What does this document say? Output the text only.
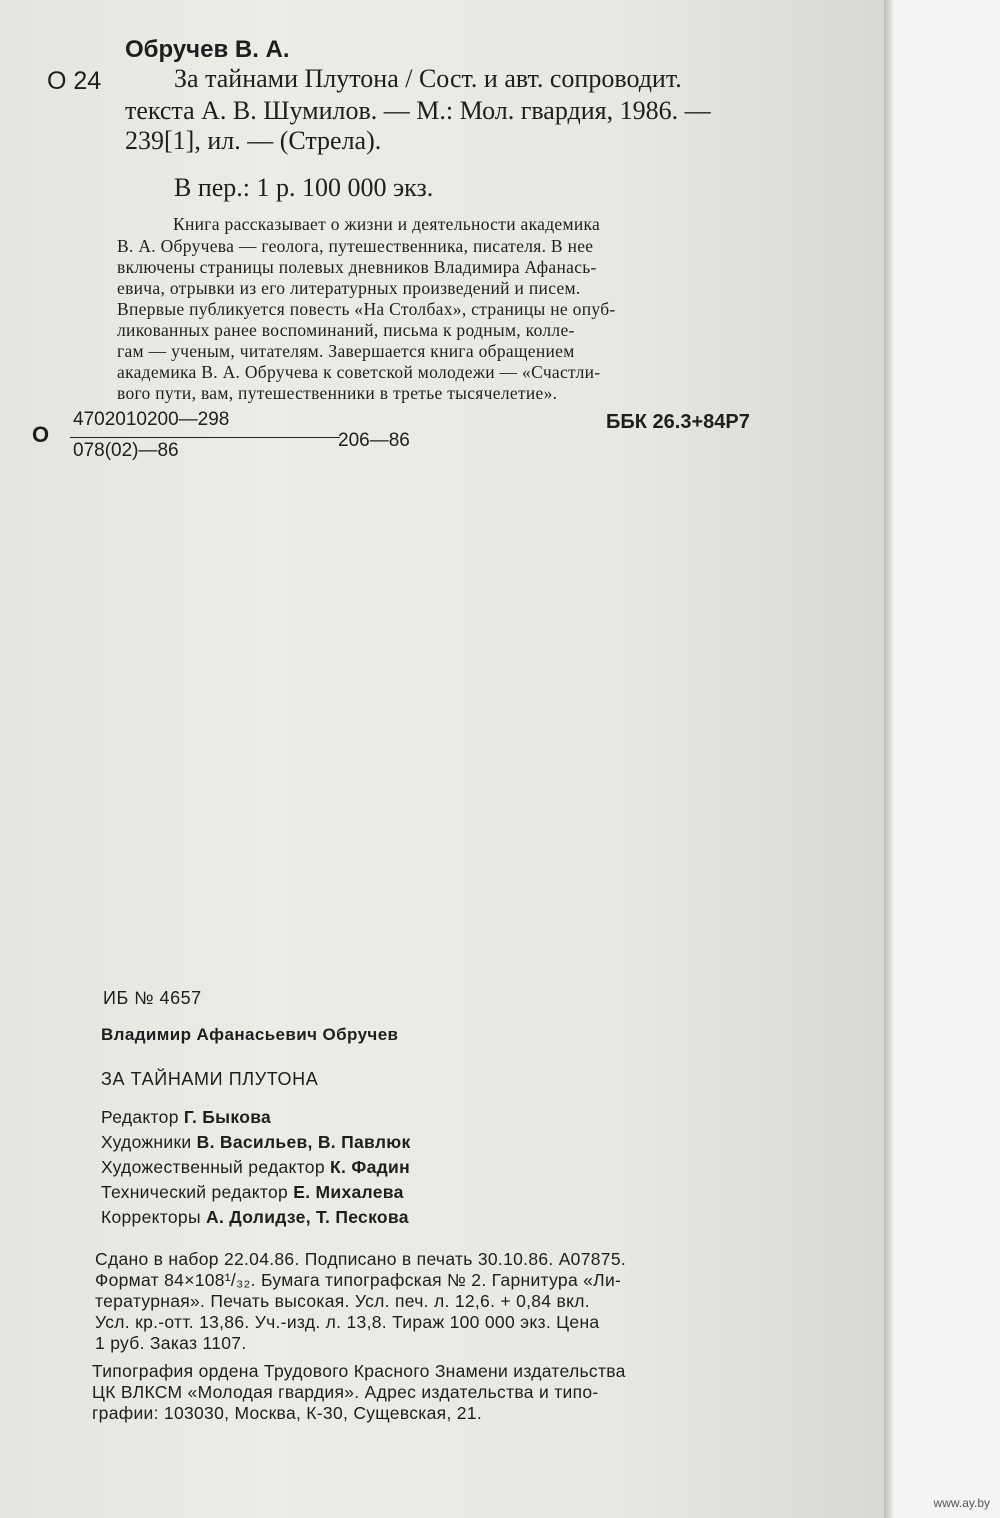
Обручев В. А.
О 24	За тайнами Плутона / Сост. и авт. сопроводит.
текста А. В. Шумилов. — М.: Мол. гвардия, 1986. —
239[1], ил. — (Стрела).
В пер.: 1 р. 100 000 экз.
Книга рассказывает о жизни и деятельности академика
В. А. Обручева — геолога, путешественника, писателя. В нее
включены страницы полевых дневников Владимира Афанась-
евича, отрывки из его литературных произведений и писем.
Впервые публикуется повесть «На Столбах», страницы не опуб-
ликованных ранее воспоминаний, письма к родным, колле-
гам — ученым, читателям. Завершается книга обращением
академика В. А. Обручева к советской молодежи — «Счастли-
вого пути, вам, путешественники в третье тысячелетие».
О
4702010200—298
078(02)—86	206—86
ББК 26.3+84Р7
ИБ № 4657
Владимир Афанасьевич Обручев
ЗА ТАЙНАМИ ПЛУТОНА
Редактор Г. Быкова
Художники В. Васильев, В. Павлюк
Художественный редактор К. Фадин
Технический редактор Е. Михалева
Корректоры А. Долидзе, Т. Пескова
Сдано в набор 22.04.86. Подписано в печать 30.10.86. А07875.
Формат 84×108¹/₃₂. Бумага типографская № 2. Гарнитура «Ли-
тературная». Печать высокая. Усл. печ. л. 12,6. + 0,84 вкл.
Усл. кр.-отт. 13,86. Уч.-изд. л. 13,8. Тираж 100 000 экз. Цена
1 руб. Заказ 1107.
Типография ордена Трудового Красного Знамени издательства
ЦК ВЛКСМ «Молодая гвардия». Адрес издательства и типо-
графии: 103030, Москва, К-30, Сущевская, 21.
www.ay.by
